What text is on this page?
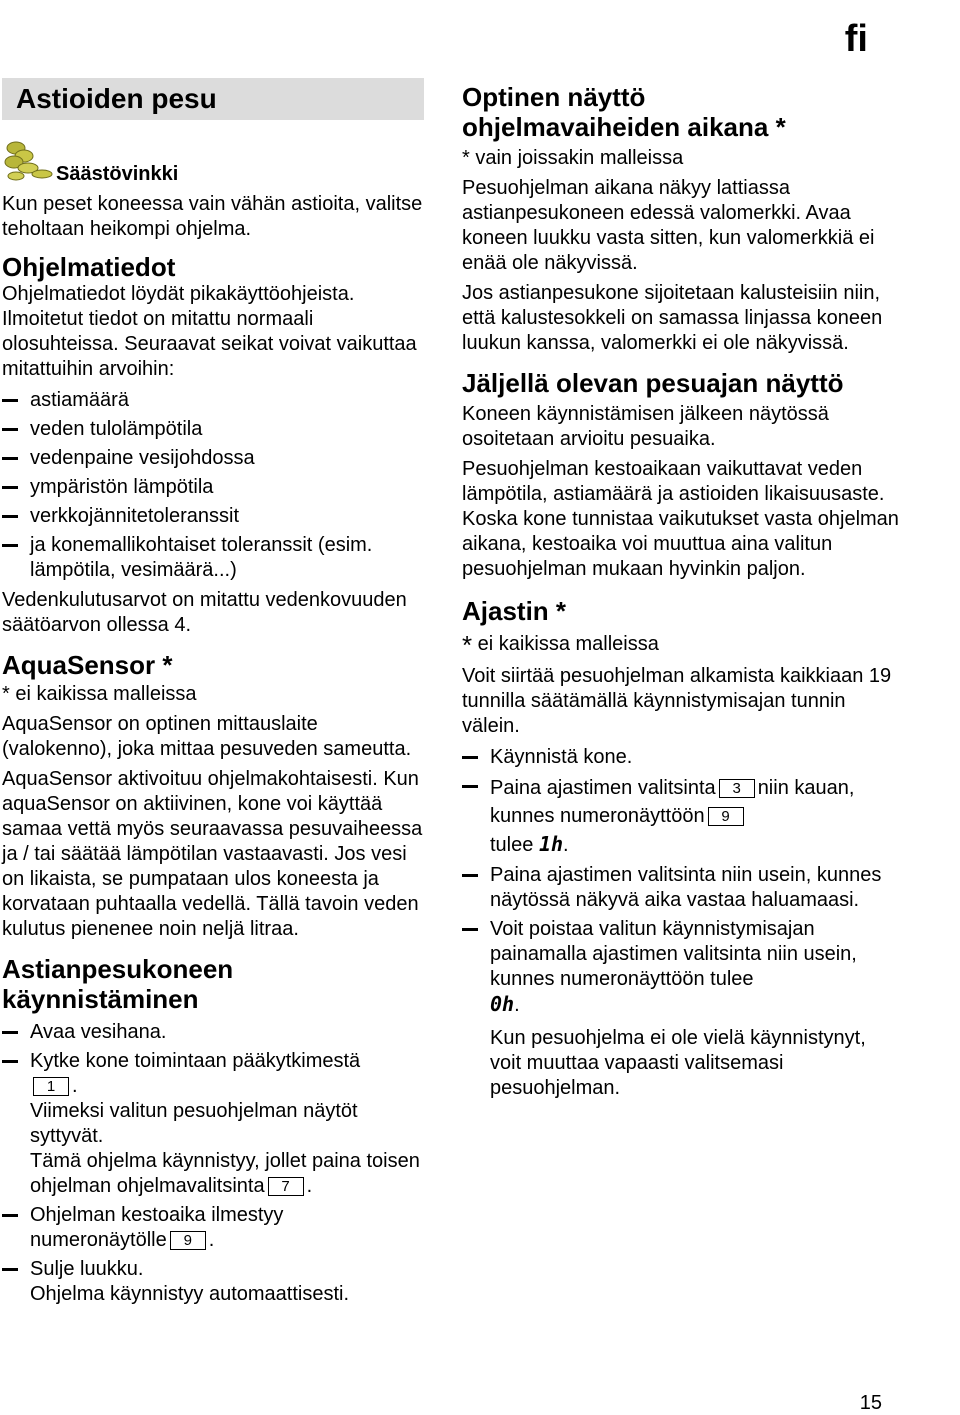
fi
Astioiden pesu
Säästövinkki

Kun peset koneessa vain vähän astioita, valitse teholtaan heikompi ohjelma.

Ohjelmatiedot

Ohjelmatiedot löydät pikakäyttöohjeista. Ilmoitetut tiedot on mitattu normaali olosuhteissa. Seuraavat seikat voivat vaikuttaa mitattuihin arvoihin:

astiamäärä
veden tulolämpötila
vedenpaine vesijohdossa
ympäristön lämpötila
verkkojännitetoleranssit
ja konemallikohtaiset toleranssit (esim. lämpötila, vesimäärä...)

Vedenkulutusarvot on mitattu vedenkovuuden säätöarvon ollessa 4.

AquaSensor *

* ei kaikissa malleissa

AquaSensor on optinen mittauslaite (valokenno), joka mittaa pesuveden sameutta.

AquaSensor aktivoituu ohjelmakohtaisesti. Kun aquaSensor on aktiivinen, kone voi käyttää samaa vettä myös seuraavassa pesuvaiheessa ja / tai säätää lämpötilan vastaavasti. Jos vesi on likaista, se pumpataan ulos koneesta ja korvataan puhtaalla vedellä. Tällä tavoin veden kulutus pienenee noin neljä litraa.

Astianpesukoneen
käynnistäminen
Avaa vesihana.
Kytke kone toimintaan pääkytkimestä
1 .
Viimeksi valitun pesuohjelman näytöt syttyvät.
Tämä ohjelma käynnistyy, jollet paina toisen ohjelman ohjelmavalitsinta 7 .
Ohjelman kestoaika ilmestyy numeronäytölle 9 .
Sulje luukku.
Ohjelma käynnistyy automaattisesti.
Optinen näyttö
ohjelmavaiheiden aikana *

* vain joissakin malleissa

Pesuohjelman aikana näkyy lattiassa astianpesukoneen edessä valomerkki. Avaa koneen luukku vasta sitten, kun valomerkkiä ei enää ole näkyvissä.

Jos astianpesukone sijoitetaan kalusteisiin niin, että kalustesokkeli on samassa linjassa koneen luukun kanssa, valomerkki ei ole näkyvissä.

Jäljellä olevan pesuajan näyttö

Koneen käynnistämisen jälkeen näytössä osoitetaan arvioitu pesuaika.

Pesuohjelman kestoaikaan vaikuttavat veden lämpötila, astiamäärä ja astioiden likaisuusaste. Koska kone tunnistaa vaikutukset vasta ohjelman aikana, kestoaika voi muuttua aina valitun pesuohjelman mukaan hyvinkin paljon.

Ajastin *

* ei kaikissa malleissa

Voit siirtää pesuohjelman alkamista kaikkiaan 19 tunnilla säätämällä käynnistymisajan tunnin välein.

Käynnistä kone.
Paina ajastimen valitsinta 3 niin kauan, kunnes numeronäyttöön 9
tulee 1h.
Paina ajastimen valitsinta niin usein, kunnes näytössä näkyvä aika vastaa haluamaasi.
Voit poistaa valitun käynnistymisajan painamalla ajastimen valitsinta niin usein, kunnes numeronäyttöön tulee
0h.
Kun pesuohjelma ei ole vielä käynnistynyt, voit muuttaa vapaasti valitsemasi pesuohjelman.
15
